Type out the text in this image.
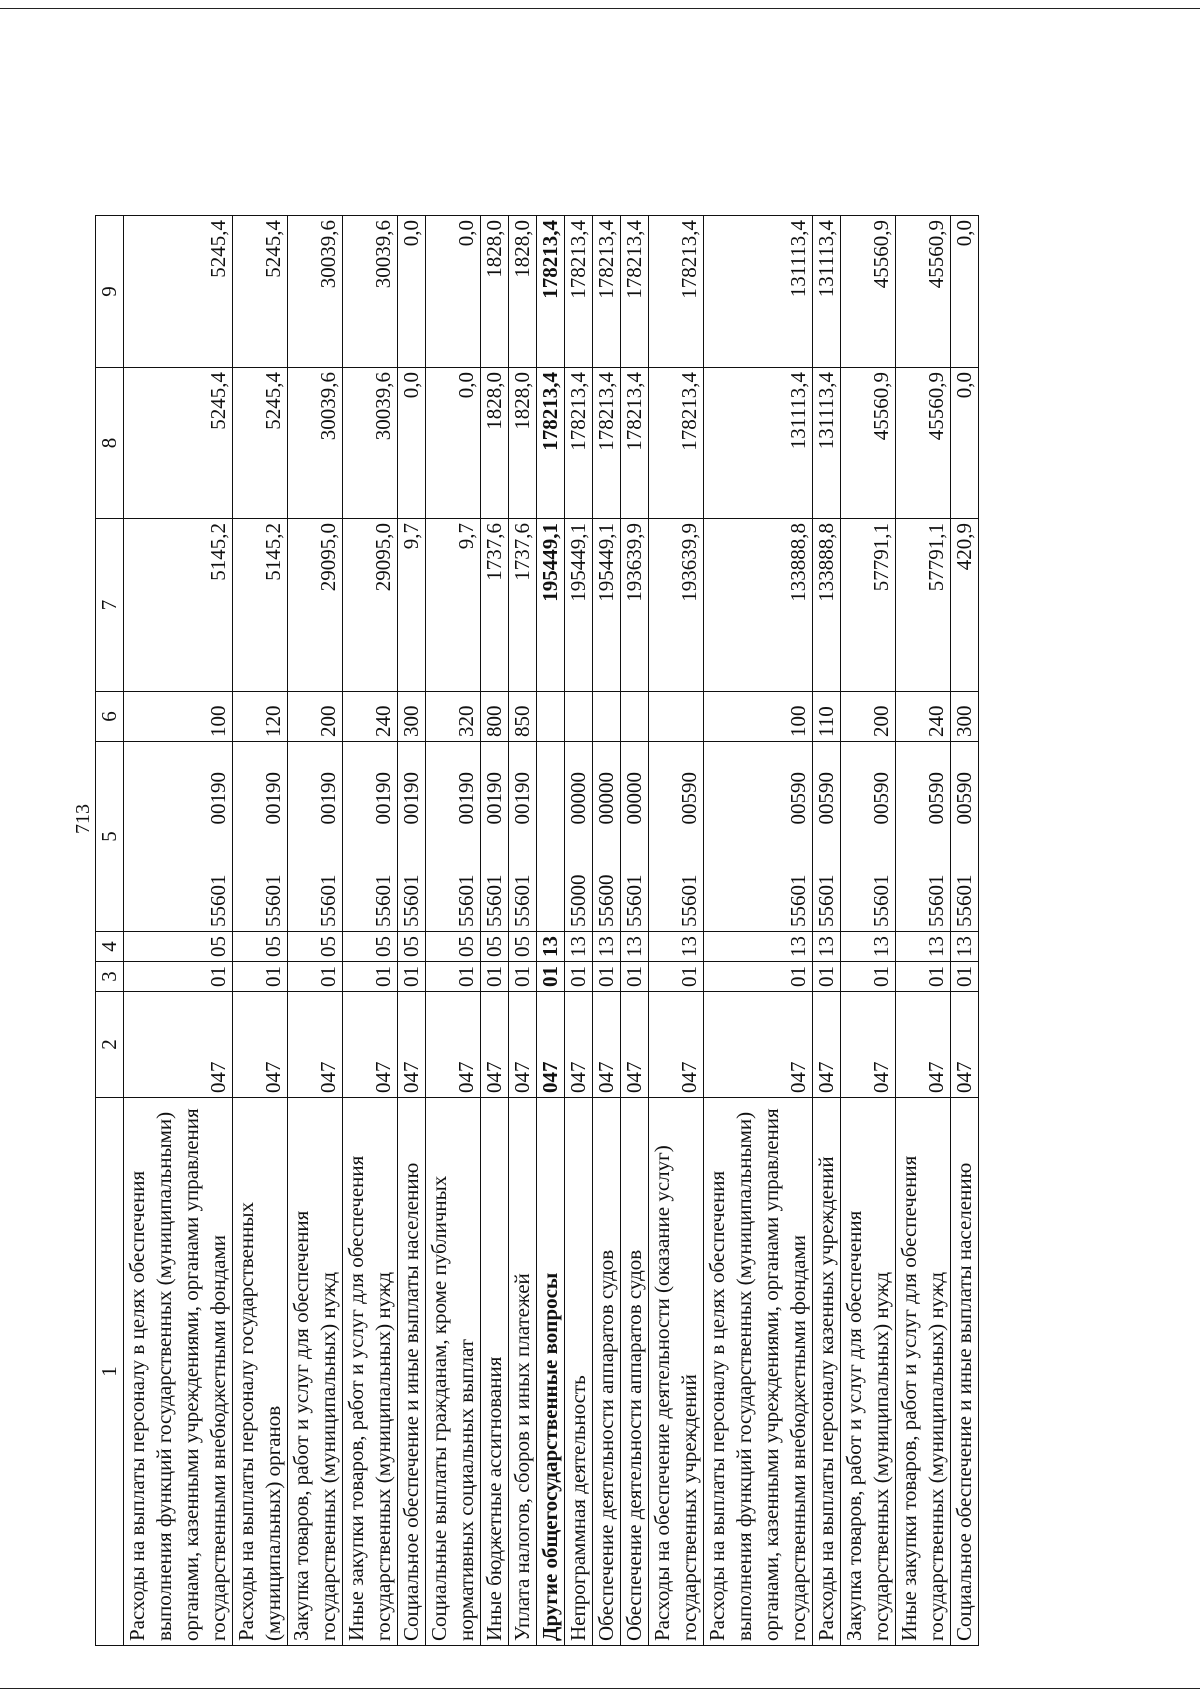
713
1	2	3	4	5	6	7	8	9
Расходы на выплаты персоналу в целях обеспечения выполнения функций государственных (муниципальными) органами, казенными учреждениями, органами управления государственными внебюджетными фондами	047	01	05	5560100190	100	5145,2	5245,4	5245,4
Расходы на выплаты персоналу государственных (муниципальных) органов	047	01	05	5560100190	120	5145,2	5245,4	5245,4
Закупка товаров, работ и услуг для обеспечения государственных (муниципальных) нужд	047	01	05	5560100190	200	29095,0	30039,6	30039,6
Иные закупки товаров, работ и услуг для обеспечения государственных (муниципальных) нужд	047	01	05	5560100190	240	29095,0	30039,6	30039,6
Социальное обеспечение и иные выплаты населению	047	01	05	5560100190	300	9,7	0,0	0,0
Социальные выплаты гражданам, кроме публичных нормативных социальных выплат	047	01	05	5560100190	320	9,7	0,0	0,0
Иные бюджетные ассигнования	047	01	05	5560100190	800	1737,6	1828,0	1828,0
Уплата налогов, сборов и иных платежей	047	01	05	5560100190	850	1737,6	1828,0	1828,0
Другие общегосударственные вопросы	047	01	13			195449,1	178213,4	178213,4
Непрограммная деятельность	047	01	13	5500000000		195449,1	178213,4	178213,4
Обеспечение деятельности аппаратов судов	047	01	13	5560000000		195449,1	178213,4	178213,4
Обеспечение деятельности аппаратов судов	047	01	13	5560100000		193639,9	178213,4	178213,4
Расходы на обеспечение деятельности (оказание услуг) государственных учреждений	047	01	13	5560100590		193639,9	178213,4	178213,4
Расходы на выплаты персоналу в целях обеспечения выполнения функций государственных (муниципальными) органами, казенными учреждениями, органами управления государственными внебюджетными фондами	047	01	13	5560100590	100	133888,8	131113,4	131113,4
Расходы на выплаты персоналу казенных учреждений	047	01	13	5560100590	110	133888,8	131113,4	131113,4
Закупка товаров, работ и услуг для обеспечения государственных (муниципальных) нужд	047	01	13	5560100590	200	57791,1	45560,9	45560,9
Иные закупки товаров, работ и услуг для обеспечения государственных (муниципальных) нужд	047	01	13	5560100590	240	57791,1	45560,9	45560,9
Социальное обеспечение и иные выплаты населению	047	01	13	5560100590	300	420,9	0,0	0,0
